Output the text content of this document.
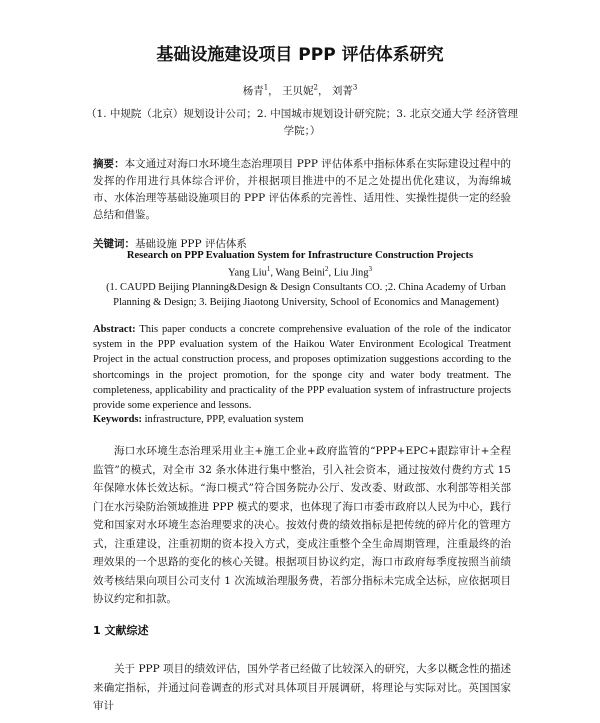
基础设施建设项目 PPP 评估体系研究
杨青$^1$， 王贝妮$^2$， 刘菁$^3$
（1. 中规院（北京）规划设计公司；2. 中国城市规划设计研究院；3. 北京交通大学 经济管理学院；）
摘要：本文通过对海口水环境生态治理项目 PPP 评估体系中指标体系在实际建设过程中的发挥的作用进行具体综合评价，并根据项目推进中的不足之处提出优化建议，为海绵城市、水体治理等基础设施项目的 PPP 评估体系的完善性、适用性、实操性提供一定的经验总结和借鉴。
关键词：基础设施 PPP 评估体系
Research on PPP Evaluation System for Infrastructure Construction Projects
Yang Liu$^1$, Wang Beini$^2$, Liu Jing$^3$
(1. CAUPD Beijing Planning&Design & Design Consultants CO. ;2. China Academy of Urban Planning & Design; 3. Beijing Jiaotong University, School of Economics and Management)
Abstract: This paper conducts a concrete comprehensive evaluation of the role of the indicator system in the PPP evaluation system of the Haikou Water Environment Ecological Treatment Project in the actual construction process, and proposes optimization suggestions according to the shortcomings in the project promotion, for the sponge city and water body treatment. The completeness, applicability and practicality of the PPP evaluation system of infrastructure projects provide some experience and lessons.
Keywords: infrastructure, PPP, evaluation system
海口水环境生态治理采用业主+施工企业+政府监管的“PPP+EPC+跟踪审计+全程监管”的模式，对全市 32 条水体进行集中整治，引入社会资本，通过按效付费约方式 15 年保障水体长效达标。“海口模式”符合国务院办公厅、发改委、财政部、水利部等相关部门在水污染防治领域推进 PPP 模式的要求，也体现了海口市委市政府以人民为中心，践行党和国家对水环境生态治理要求的决心。按效付费的绩效指标是把传统的碎片化的管理方式，注重建设，注重初期的资本投入方式，变成注重整个全生命周期管理，注重最终的治理效果的一个思路的变化的核心关键。根据项目协议约定，海口市政府每季度按照当前绩效考核结果向项目公司支付 1 次流域治理服务费，若部分指标未完成全达标，应依据项目协议约定和扣款。
1 文献综述
关于 PPP 项目的绩效评估，国外学者已经做了比较深入的研究，大多以概念性的描述来确定指标，并通过问卷调查的形式对具体项目开展调研，将理论与实际对比。英国国家审计
